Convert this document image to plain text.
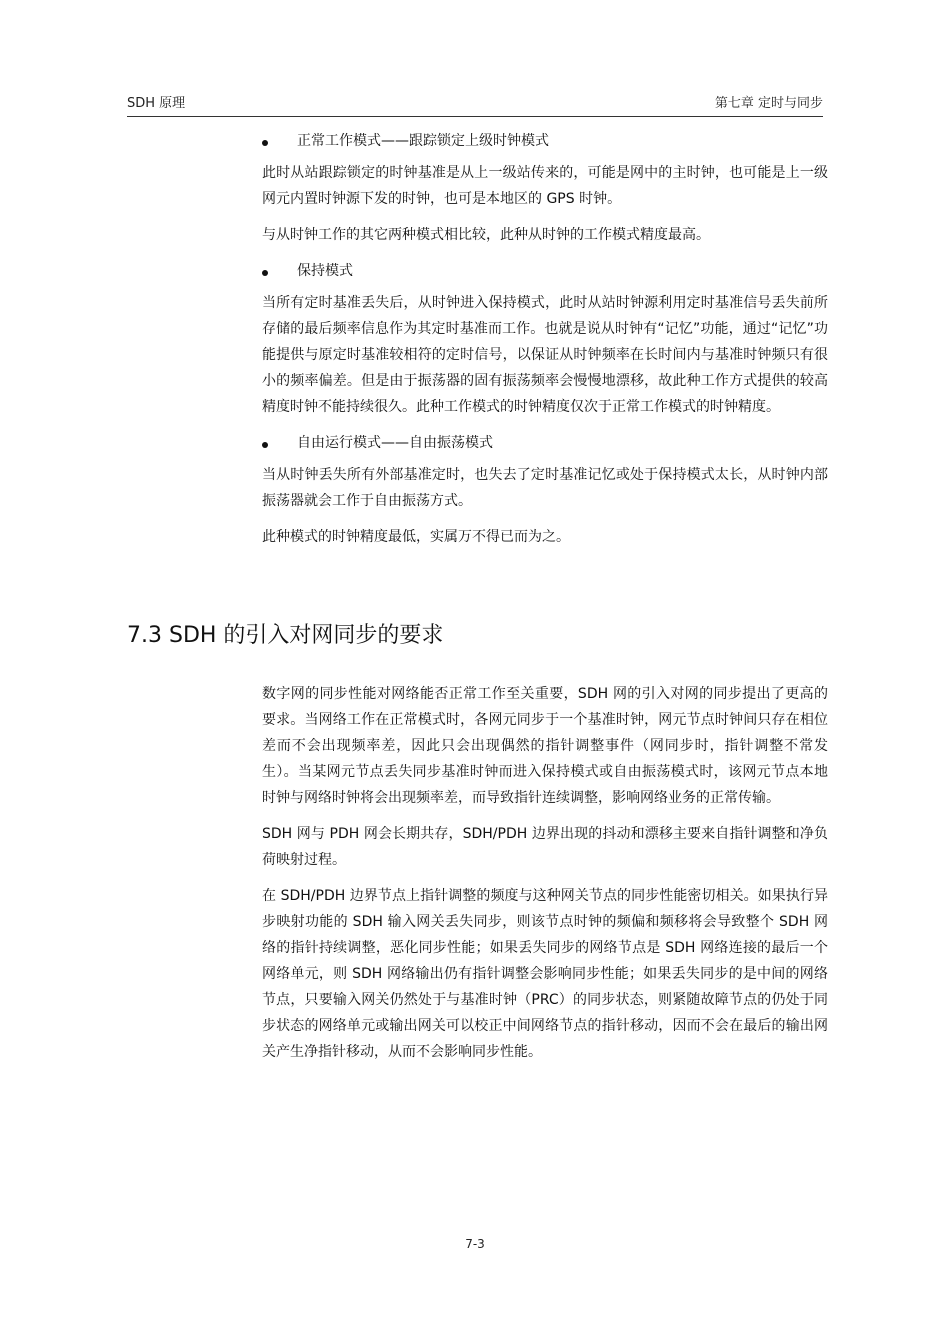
SDH 原理	第七章 定时与同步
正常工作模式——跟踪锁定上级时钟模式

此时从站跟踪锁定的时钟基准是从上一级站传来的，可能是网中的主时钟，也可能是上一级网元内置时钟源下发的时钟，也可是本地区的 GPS 时钟。

与从时钟工作的其它两种模式相比较，此种从时钟的工作模式精度最高。

保持模式

当所有定时基准丢失后，从时钟进入保持模式，此时从站时钟源利用定时基准信号丢失前所存储的最后频率信息作为其定时基准而工作。也就是说从时钟有“记忆”功能，通过“记忆”功能提供与原定时基准较相符的定时信号，以保证从时钟频率在长时间内与基准时钟频只有很小的频率偏差。但是由于振荡器的固有振荡频率会慢慢地漂移，故此种工作方式提供的较高精度时钟不能持续很久。此种工作模式的时钟精度仅次于正常工作模式的时钟精度。

自由运行模式——自由振荡模式

当从时钟丢失所有外部基准定时，也失去了定时基准记忆或处于保持模式太长，从时钟内部振荡器就会工作于自由振荡方式。

此种模式的时钟精度最低，实属万不得已而为之。

7.3 SDH 的引入对网同步的要求

数字网的同步性能对网络能否正常工作至关重要，SDH 网的引入对网的同步提出了更高的要求。当网络工作在正常模式时，各网元同步于一个基准时钟，网元节点时钟间只存在相位差而不会出现频率差，因此只会出现偶然的指针调整事件（网同步时，指针调整不常发生）。当某网元节点丢失同步基准时钟而进入保持模式或自由振荡模式时，该网元节点本地时钟与网络时钟将会出现频率差，而导致指针连续调整，影响网络业务的正常传输。

SDH 网与 PDH 网会长期共存，SDH/PDH 边界出现的抖动和漂移主要来自指针调整和净负荷映射过程。

在 SDH/PDH 边界节点上指针调整的频度与这种网关节点的同步性能密切相关。如果执行异步映射功能的 SDH 输入网关丢失同步，则该节点时钟的频偏和频移将会导致整个 SDH 网络的指针持续调整，恶化同步性能；如果丢失同步的网络节点是 SDH 网络连接的最后一个网络单元，则 SDH 网络输出仍有指针调整会影响同步性能；如果丢失同步的是中间的网络节点，只要输入网关仍然处于与基准时钟（PRC）的同步状态，则紧随故障节点的仍处于同步状态的网络单元或输出网关可以校正中间网络节点的指针移动，因而不会在最后的输出网关产生净指针移动，从而不会影响同步性能。

7-3
